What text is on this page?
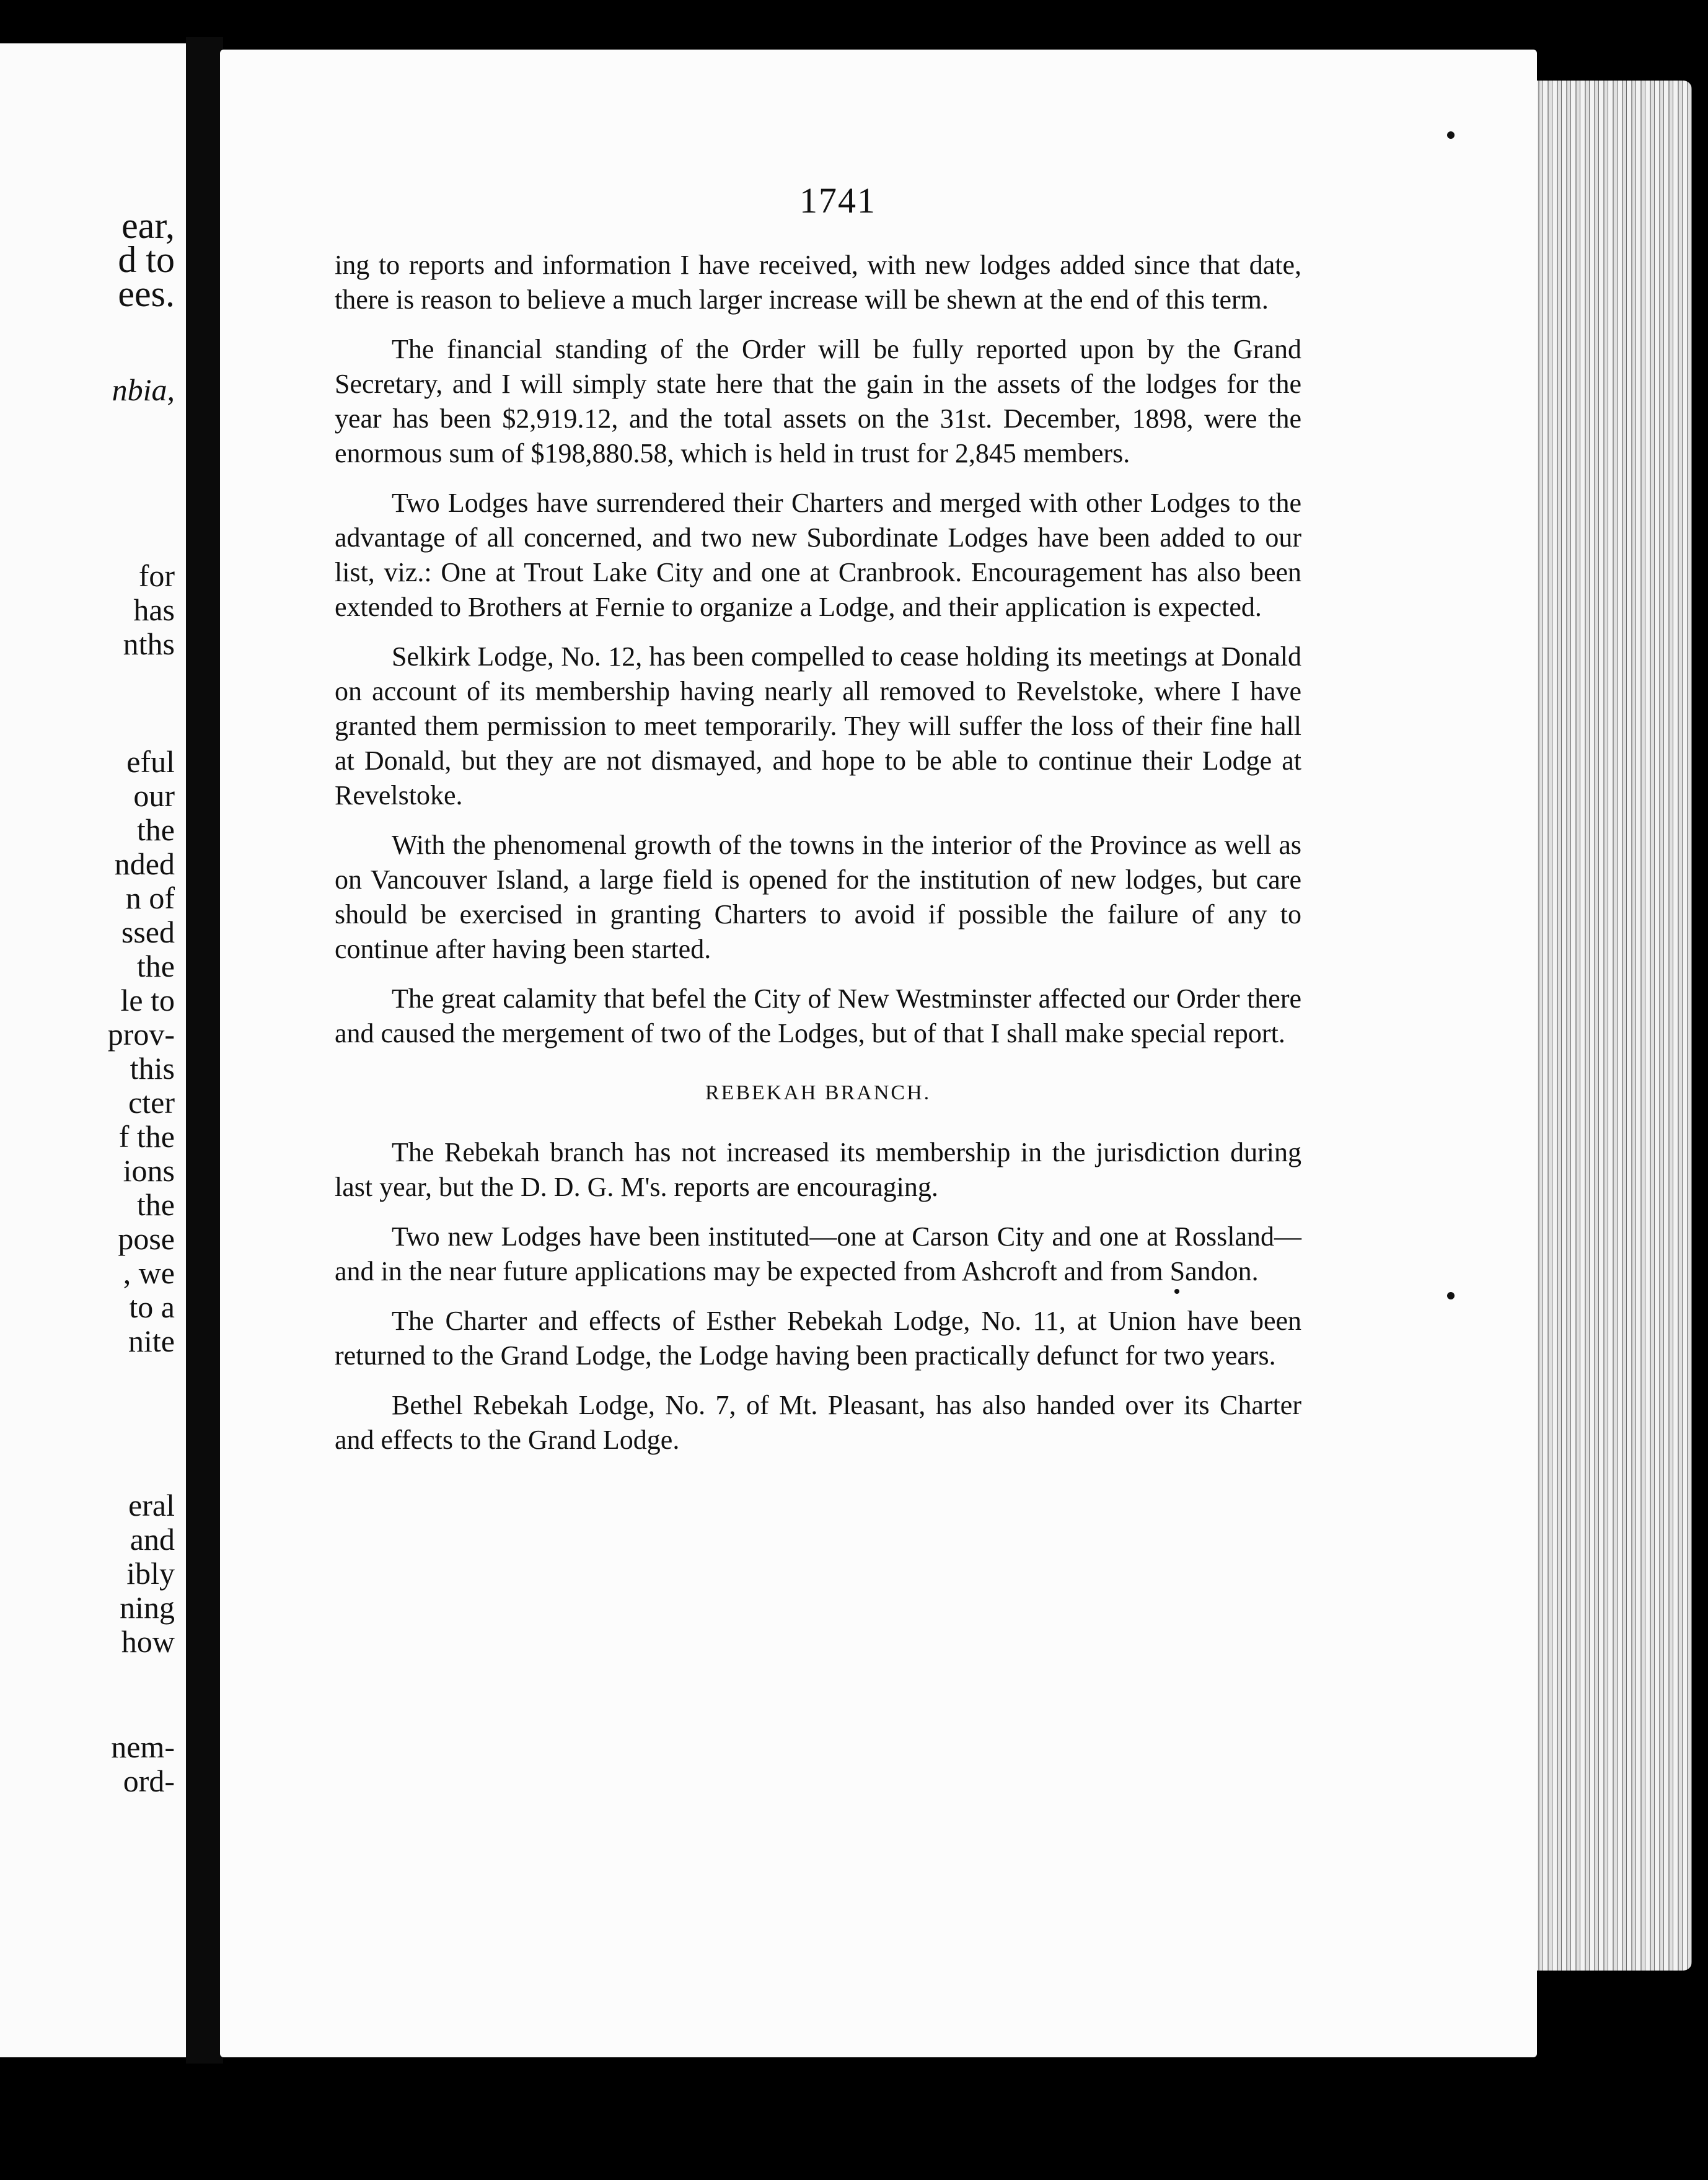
ear,
d to
ees.
nbia,
for
has
nths
eful
our
the
nded
n of
ssed
the
le to
prov-
this
cter
f the
ions
the
pose
, we
to a
nite
eral
and
ibly
ning
how
nem-
ord-
1741

ing to reports and information I have received, with new lodges added since that date, there is reason to believe a much larger increase will be shewn at the end of this term.

The financial standing of the Order will be fully reported upon by the Grand Secretary, and I will simply state here that the gain in the assets of the lodges for the year has been $2,919.12, and the total assets on the 31st. December, 1898, were the enormous sum of $198,880.58, which is held in trust for 2,845 members.

Two Lodges have surrendered their Charters and merged with other Lodges to the advantage of all concerned, and two new Subordinate Lodges have been added to our list, viz.: One at Trout Lake City and one at Cranbrook. Encouragement has also been extended to Brothers at Fernie to organize a Lodge, and their application is expected.

Selkirk Lodge, No. 12, has been compelled to cease holding its meetings at Donald on account of its membership having nearly all removed to Revelstoke, where I have granted them permission to meet temporarily. They will suffer the loss of their fine hall at Donald, but they are not dismayed, and hope to be able to continue their Lodge at Revelstoke.

With the phenomenal growth of the towns in the interior of the Province as well as on Vancouver Island, a large field is opened for the institution of new lodges, but care should be exercised in granting Charters to avoid if possible the failure of any to continue after having been started.

The great calamity that befel the City of New Westminster affected our Order there and caused the mergement of two of the Lodges, but of that I shall make special report.

REBEKAH BRANCH.

The Rebekah branch has not increased its membership in the jurisdiction during last year, but the D. D. G. M's. reports are encouraging.

Two new Lodges have been instituted—one at Carson City and one at Rossland—and in the near future applications may be expected from Ashcroft and from Sandon.

The Charter and effects of Esther Rebekah Lodge, No. 11, at Union have been returned to the Grand Lodge, the Lodge having been practically defunct for two years.

Bethel Rebekah Lodge, No. 7, of Mt. Pleasant, has also handed over its Charter and effects to the Grand Lodge.
